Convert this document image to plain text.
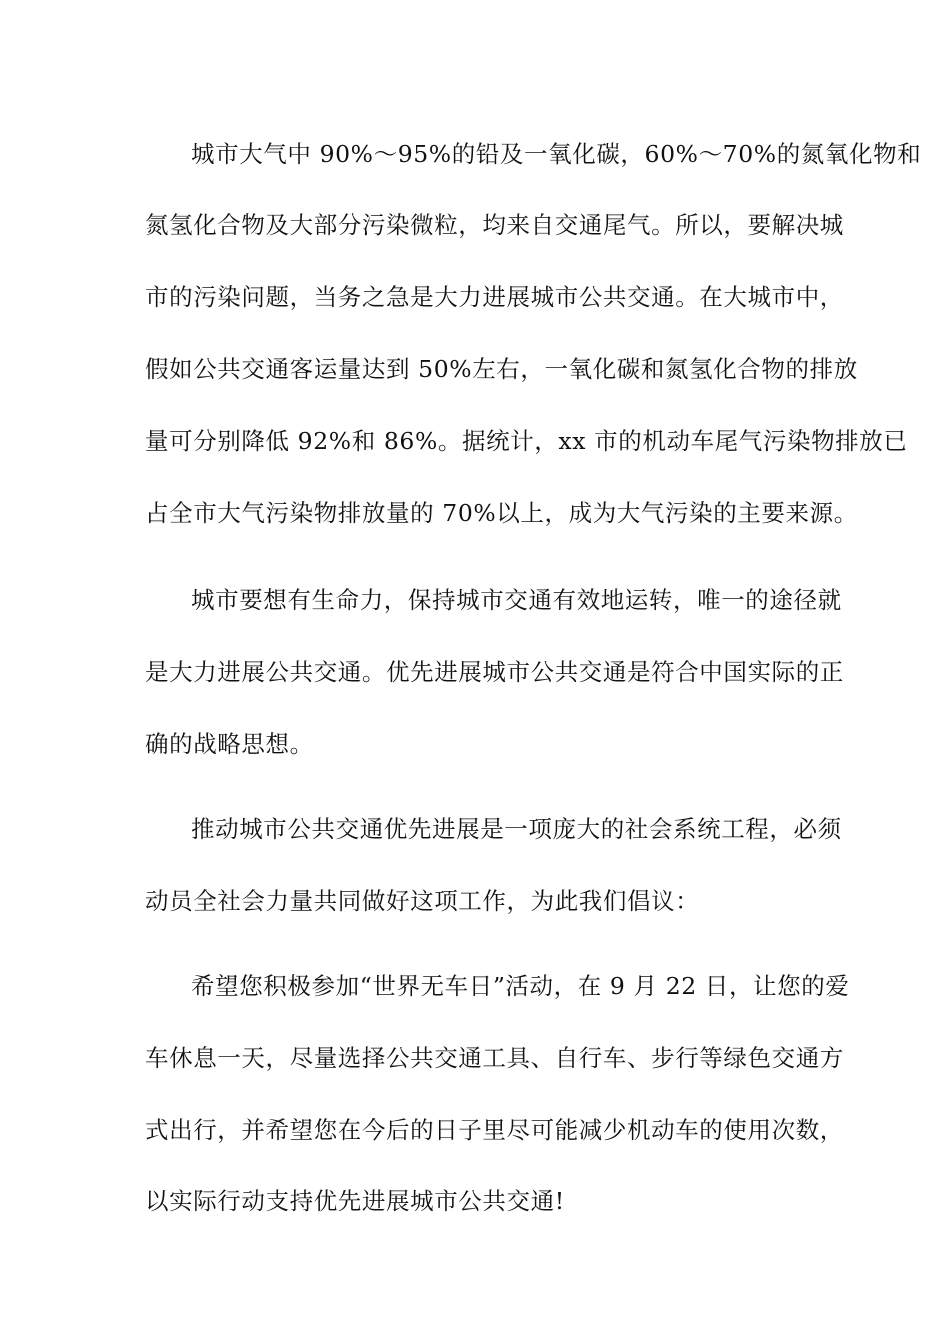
城市大气中 90%～95%的铅及一氧化碳，60%～70%的氮氧化物和
氮氢化合物及大部分污染微粒，均来自交通尾气。所以，要解决城
市的污染问题，当务之急是大力进展城市公共交通。在大城市中，
假如公共交通客运量达到 50%左右，一氧化碳和氮氢化合物的排放
量可分别降低 92%和 86%。据统计，xx 市的机动车尾气污染物排放已
占全市大气污染物排放量的 70%以上，成为大气污染的主要来源。
城市要想有生命力，保持城市交通有效地运转，唯一的途径就
是大力进展公共交通。优先进展城市公共交通是符合中国实际的正
确的战略思想。
推动城市公共交通优先进展是一项庞大的社会系统工程，必须
动员全社会力量共同做好这项工作，为此我们倡议：
希望您积极参加“世界无车日”活动，在 9 月 22 日，让您的爱
车休息一天，尽量选择公共交通工具、自行车、步行等绿色交通方
式出行，并希望您在今后的日子里尽可能减少机动车的使用次数，
以实际行动支持优先进展城市公共交通!
